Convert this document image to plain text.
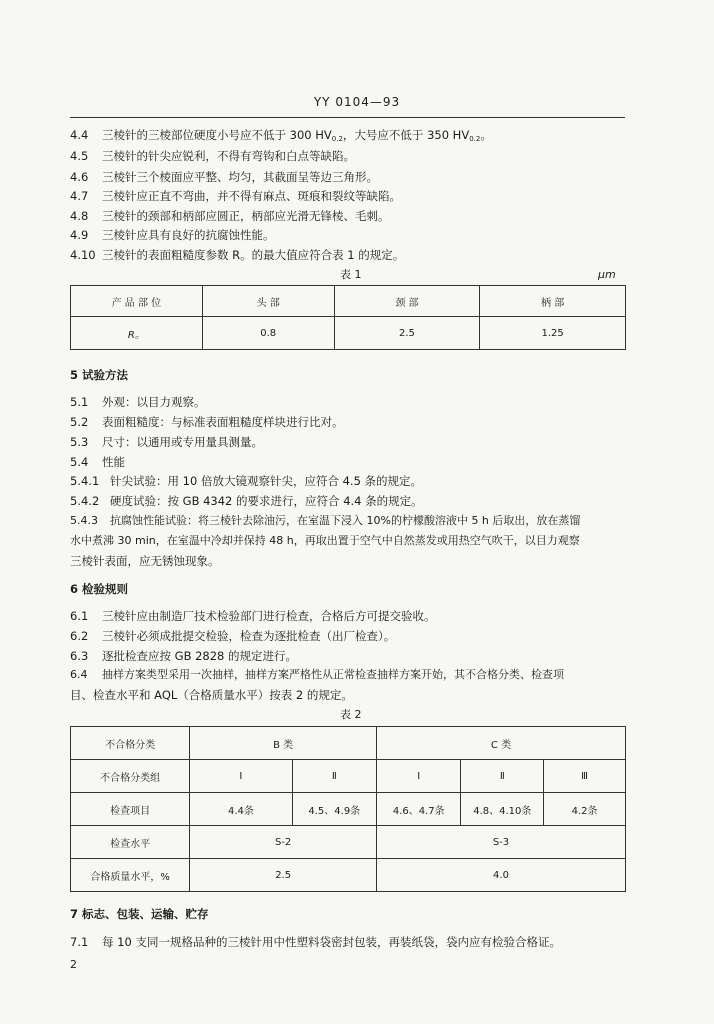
YY 0104—93
4.4 三棱针的三棱部位硬度小号应不低于 300 $HV_{0.2}$，大号应不低于 350 $HV_{0.2}$。
4.5 三棱针的针尖应锐利，不得有弯钩和白点等缺陷。
4.6 三棱针三个棱面应平整、均匀，其截面呈等边三角形。
4.7 三棱针应正直不弯曲，并不得有麻点、斑痕和裂纹等缺陷。
4.8 三棱针的颈部和柄部应圆正，柄部应光滑无锋棱、毛刺。
4.9 三棱针应具有良好的抗腐蚀性能。
4.10 三棱针的表面粗糙度参数 R。的最大值应符合表 1 的规定。
表 1	μm
产 品 部 位	头 部	颈 部	柄 部
R。	0.8	2.5	1.25
5 试验方法
5.1 外观：以目力观察。
5.2 表面粗糙度：与标准表面粗糙度样块进行比对。
5.3 尺寸：以通用或专用量具测量。
5.4 性能
5.4.1 针尖试验：用 10 倍放大镜观察针尖，应符合 4.5 条的规定。
5.4.2 硬度试验：按 GB 4342 的要求进行，应符合 4.4 条的规定。
5.4.3 抗腐蚀性能试验：将三棱针去除油污，在室温下浸入 10%的柠檬酸溶液中 5 h 后取出，放在蒸馏
水中煮沸 30 min，在室温中冷却并保持 48 h，再取出置于空气中自然蒸发或用热空气吹干，以目力观察
三棱针表面，应无锈蚀现象。
6 检验规则
6.1 三棱针应由制造厂技术检验部门进行检查，合格后方可提交验收。
6.2 三棱针必须成批提交检验，检查为逐批检查（出厂检查）。
6.3 逐批检查应按 GB 2828 的规定进行。
6.4 抽样方案类型采用一次抽样，抽样方案严格性从正常检查抽样方案开始，其不合格分类、检查项
目、检查水平和 AQL（合格质量水平）按表 2 的规定。
表 2
不合格分类	B 类		C 类		
不合格分类组	I	Ⅱ	I	Ⅱ	Ⅲ
检查项目	4.4条	4.5、4.9条	4.6、4.7条	4.8、4.10条	4.2条
检查水平	S-2		S-3		
合格质量水平，%	2.5		4.0		
7 标志、包装、运输、贮存
7.1 每 10 支同一规格品种的三棱针用中性塑料袋密封包装，再装纸袋，袋内应有检验合格证。
2
